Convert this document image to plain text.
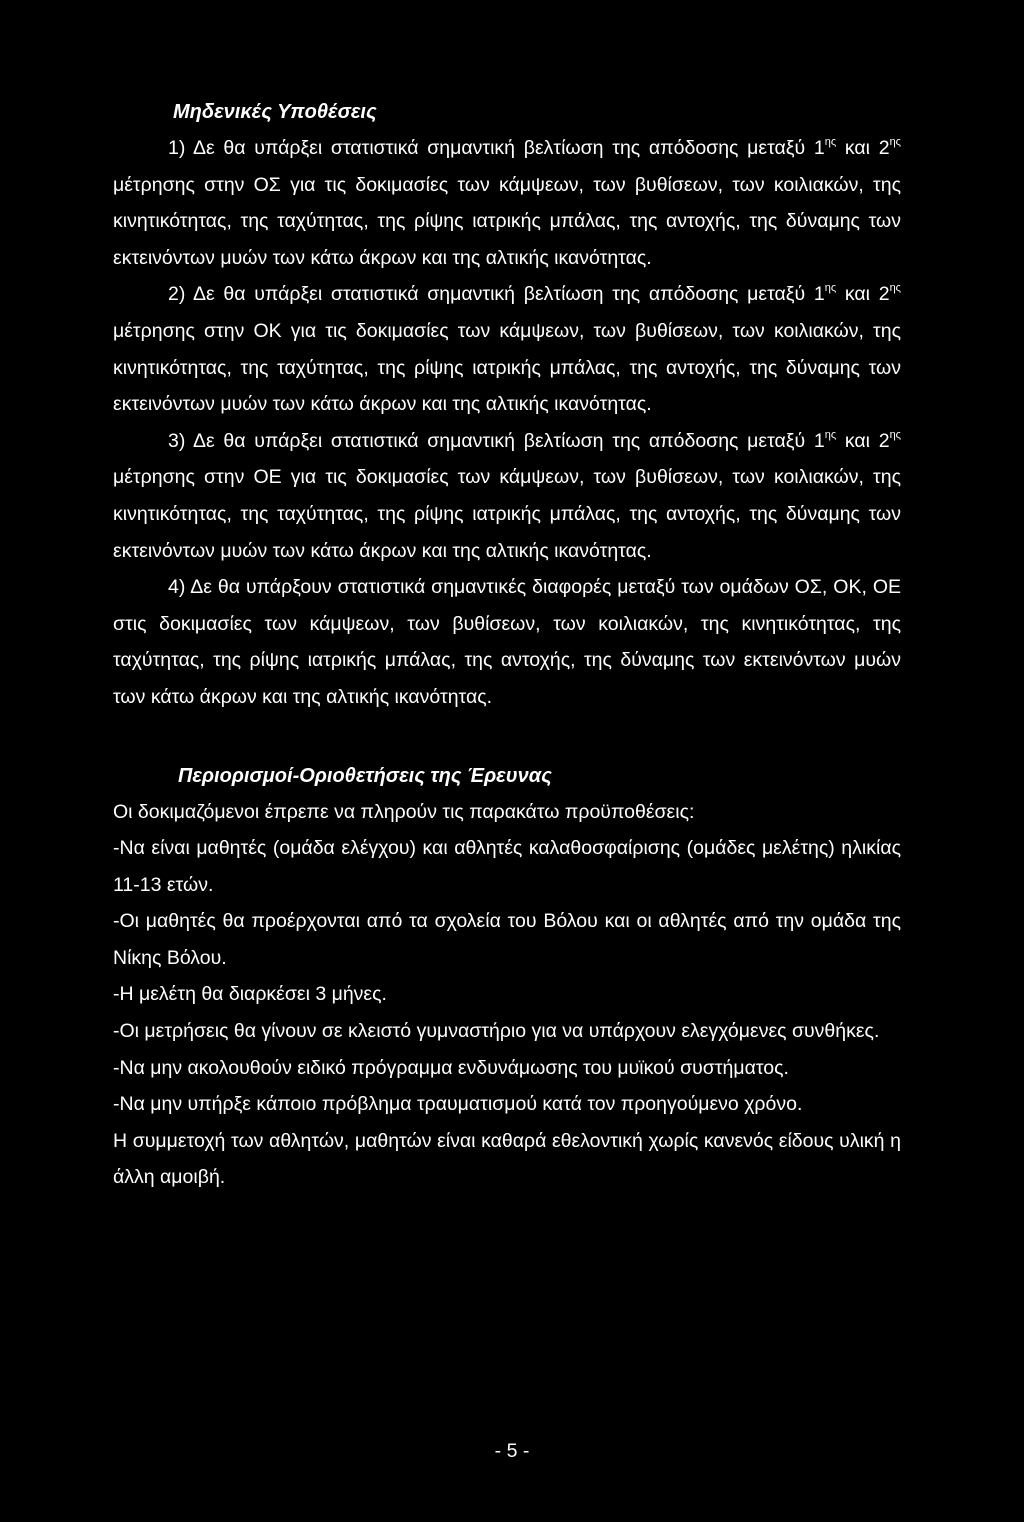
Μηδενικές Υποθέσεις

1) Δε θα υπάρξει στατιστικά σημαντική βελτίωση της απόδοσης μεταξύ $1^{\eta\varsigma}$ και $2^{\eta\varsigma}$ μέτρησης στην ΟΣ για τις δοκιμασίες των κάμψεων, των βυθίσεων, των κοιλιακών, της κινητικότητας, της ταχύτητας, της ρίψης ιατρικής μπάλας, της αντοχής, της δύναμης των εκτεινόντων μυών των κάτω άκρων και της αλτικής ικανότητας.

2) Δε θα υπάρξει στατιστικά σημαντική βελτίωση της απόδοσης μεταξύ $1^{\eta\varsigma}$ και $2^{\eta\varsigma}$ μέτρησης στην ΟΚ για τις δοκιμασίες των κάμψεων, των βυθίσεων, των κοιλιακών, της κινητικότητας, της ταχύτητας, της ρίψης ιατρικής μπάλας, της αντοχής, της δύναμης των εκτεινόντων μυών των κάτω άκρων και της αλτικής ικανότητας.

3) Δε θα υπάρξει στατιστικά σημαντική βελτίωση της απόδοσης μεταξύ $1^{\eta\varsigma}$ και $2^{\eta\varsigma}$ μέτρησης στην ΟΕ για τις δοκιμασίες των κάμψεων, των βυθίσεων, των κοιλιακών, της κινητικότητας, της ταχύτητας, της ρίψης ιατρικής μπάλας, της αντοχής, της δύναμης των εκτεινόντων μυών των κάτω άκρων και της αλτικής ικανότητας.

4) Δε θα υπάρξουν στατιστικά σημαντικές διαφορές μεταξύ των ομάδων ΟΣ, ΟΚ, ΟΕ στις δοκιμασίες των κάμψεων, των βυθίσεων, των κοιλιακών, της κινητικότητας, της ταχύτητας, της ρίψης ιατρικής μπάλας, της αντοχής, της δύναμης των εκτεινόντων μυών των κάτω άκρων και της αλτικής ικανότητας.

Περιορισμοί-Οριοθετήσεις της Έρευνας

Οι δοκιμαζόμενοι έπρεπε να πληρούν τις παρακάτω προϋποθέσεις:

-Να είναι μαθητές (ομάδα ελέγχου) και αθλητές καλαθοσφαίρισης (ομάδες μελέτης) ηλικίας 11-13 ετών.

-Οι μαθητές θα προέρχονται από τα σχολεία του Βόλου και οι αθλητές από την ομάδα της Νίκης Βόλου.

-Η μελέτη θα διαρκέσει 3 μήνες.

-Οι μετρήσεις θα γίνουν σε κλειστό γυμναστήριο για να υπάρχουν ελεγχόμενες συνθήκες.

-Να μην ακολουθούν ειδικό πρόγραμμα ενδυνάμωσης του μυϊκού συστήματος.

-Να μην υπήρξε κάποιο πρόβλημα τραυματισμού κατά τον προηγούμενο χρόνο.

Η συμμετοχή των αθλητών, μαθητών είναι καθαρά εθελοντική χωρίς κανενός είδους υλική η άλλη αμοιβή.

- 5 -
